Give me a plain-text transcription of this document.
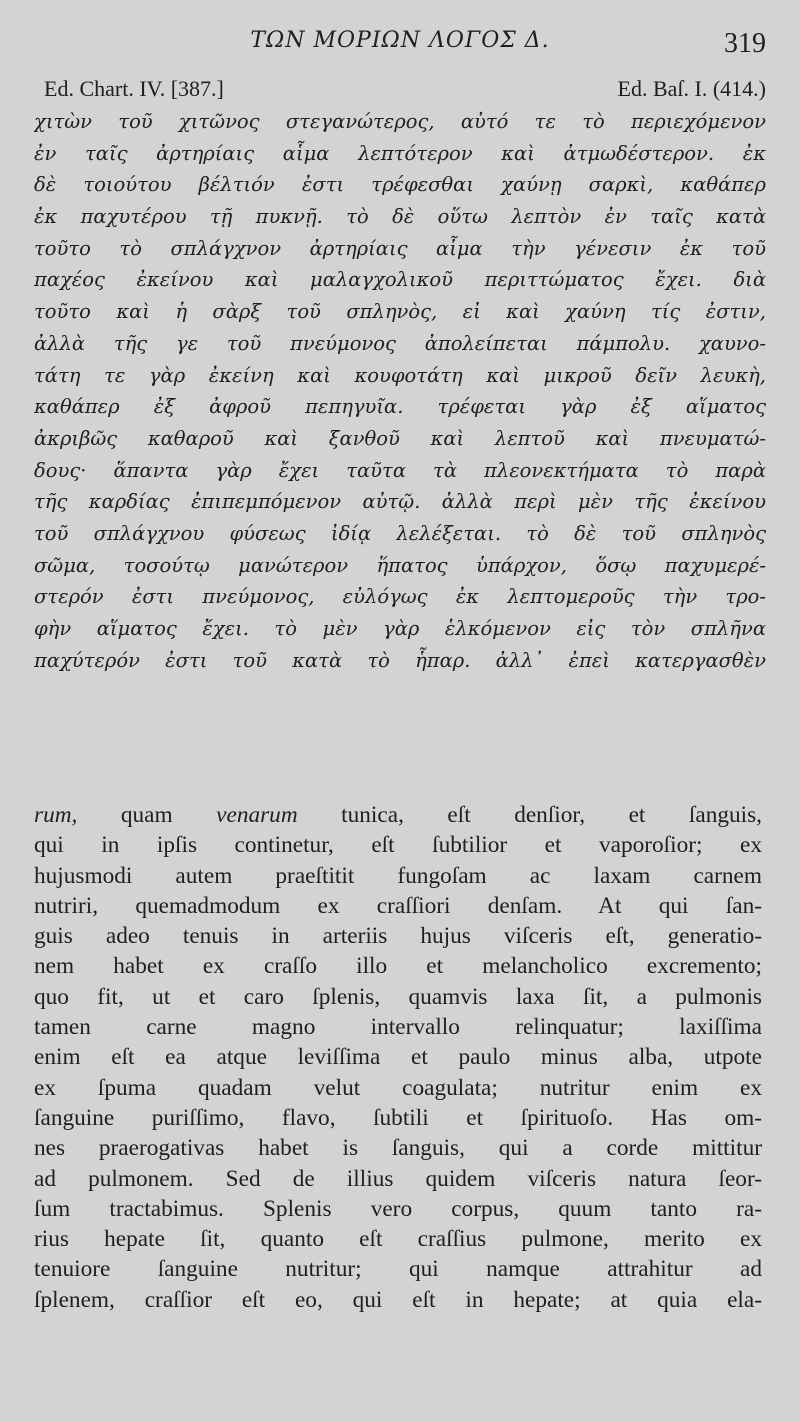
ΤΩΝ ΜΟΡΙΩΝ ΛΟΓΟΣ Δ.	319
Ed. Chart. IV. [387.]	Ed. Baſ. I. (414.)
χιτὼν τοῦ χιτῶνος στεγανώτερος, αὐτό τε τὸ περιεχόμενον
ἐν ταῖς ἀρτηρίαις αἷμα λεπτότερον καὶ ἀτμωδέστερον. ἐκ
δὲ τοιούτου βέλτιόν ἐστι τρέφεσθαι χαύνῃ σαρκὶ, καθάπερ
ἐκ παχυτέρου τῇ πυκνῇ. τὸ δὲ οὕτω λεπτὸν ἐν ταῖς κατὰ
τοῦτο τὸ σπλάγχνον ἀρτηρίαις αἷμα τὴν γένεσιν ἐκ τοῦ
παχέος ἐκείνου καὶ μαλαγχολικοῦ περιττώματος ἔχει. διὰ
τοῦτο καὶ ἡ σὰρξ τοῦ σπληνὸς, εἰ καὶ χαύνη τίς ἐστιν,
ἀλλὰ τῆς γε τοῦ πνεύμονος ἀπολείπεται πάμπολυ. χαυνο-
τάτη τε γὰρ ἐκείνη καὶ κουφοτάτη καὶ μικροῦ δεῖν λευκὴ,
καθάπερ ἐξ ἀφροῦ πεπηγυῖα. τρέφεται γὰρ ἐξ αἵματος
ἀκριβῶς καθαροῦ καὶ ξανθοῦ καὶ λεπτοῦ καὶ πνευματώ-
δους· ἅπαντα γὰρ ἔχει ταῦτα τὰ πλεονεκτήματα τὸ παρὰ
τῆς καρδίας ἐπιπεμπόμενον αὐτῷ. ἀλλὰ περὶ μὲν τῆς ἐκείνου
τοῦ σπλάγχνου φύσεως ἰδίᾳ λελέξεται. τὸ δὲ τοῦ σπληνὸς
σῶμα, τοσούτῳ μανώτερον ἥπατος ὑπάρχον, ὅσῳ παχυμερέ-
στερόν ἐστι πνεύμονος, εὐλόγως ἐκ λεπτομεροῦς τὴν τρο-
φὴν αἵματος ἔχει. τὸ μὲν γὰρ ἑλκόμενον εἰς τὸν σπλῆνα
παχύτερόν ἐστι τοῦ κατὰ τὸ ἧπαρ. ἀλλ᾽ ἐπεὶ κατεργασθὲν
rum, quam venarum tunica, eſt denſior, et ſanguis,
qui in ipſis continetur, eſt ſubtilior et vaporoſior; ex
hujusmodi autem praeſtitit fungoſam ac laxam carnem
nutriri, quemadmodum ex craſſiori denſam. At qui ſan-
guis adeo tenuis in arteriis hujus viſceris eſt, generatio-
nem habet ex craſſo illo et melancholico excremento;
quo fit, ut et caro ſplenis, quamvis laxa ſit, a pulmonis
tamen carne magno intervallo relinquatur; laxiſſima
enim eſt ea atque leviſſima et paulo minus alba, utpote
ex ſpuma quadam velut coagulata; nutritur enim ex
ſanguine puriſſimo, flavo, ſubtili et ſpirituoſo. Has om-
nes praerogativas habet is ſanguis, qui a corde mittitur
ad pulmonem. Sed de illius quidem viſceris natura ſeor-
ſum tractabimus. Splenis vero corpus, quum tanto ra-
rius hepate ſit, quanto eſt craſſius pulmone, merito ex
tenuiore ſanguine nutritur; qui namque attrahitur ad
ſplenem, craſſior eſt eo, qui eſt in hepate; at quia ela-
